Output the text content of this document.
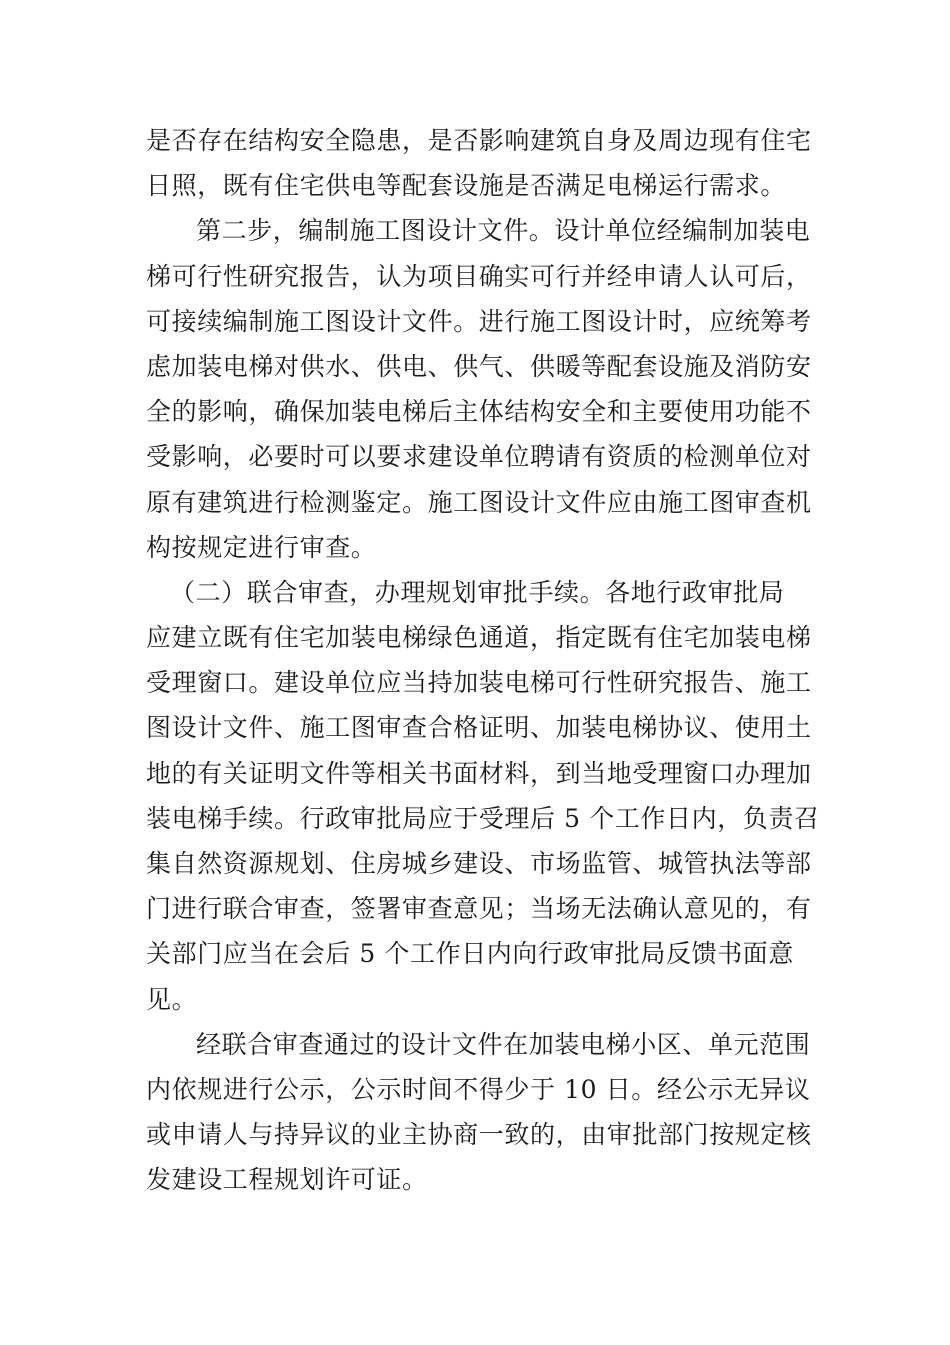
是否存在结构安全隐患，是否影响建筑自身及周边现有住宅
日照，既有住宅供电等配套设施是否满足电梯运行需求。
第二步，编制施工图设计文件。设计单位经编制加装电
梯可行性研究报告，认为项目确实可行并经申请人认可后，
可接续编制施工图设计文件。进行施工图设计时，应统筹考
虑加装电梯对供水、供电、供气、供暖等配套设施及消防安
全的影响，确保加装电梯后主体结构安全和主要使用功能不
受影响，必要时可以要求建设单位聘请有资质的检测单位对
原有建筑进行检测鉴定。施工图设计文件应由施工图审查机
构按规定进行审查。
（二）联合审查，办理规划审批手续。各地行政审批局
应建立既有住宅加装电梯绿色通道，指定既有住宅加装电梯
受理窗口。建设单位应当持加装电梯可行性研究报告、施工
图设计文件、施工图审查合格证明、加装电梯协议、使用土
地的有关证明文件等相关书面材料，到当地受理窗口办理加
装电梯手续。行政审批局应于受理后 5 个工作日内，负责召
集自然资源规划、住房城乡建设、市场监管、城管执法等部
门进行联合审查，签署审查意见；当场无法确认意见的，有
关部门应当在会后 5 个工作日内向行政审批局反馈书面意
见。
经联合审查通过的设计文件在加装电梯小区、单元范围
内依规进行公示，公示时间不得少于 10 日。经公示无异议
或申请人与持异议的业主协商一致的，由审批部门按规定核
发建设工程规划许可证。
